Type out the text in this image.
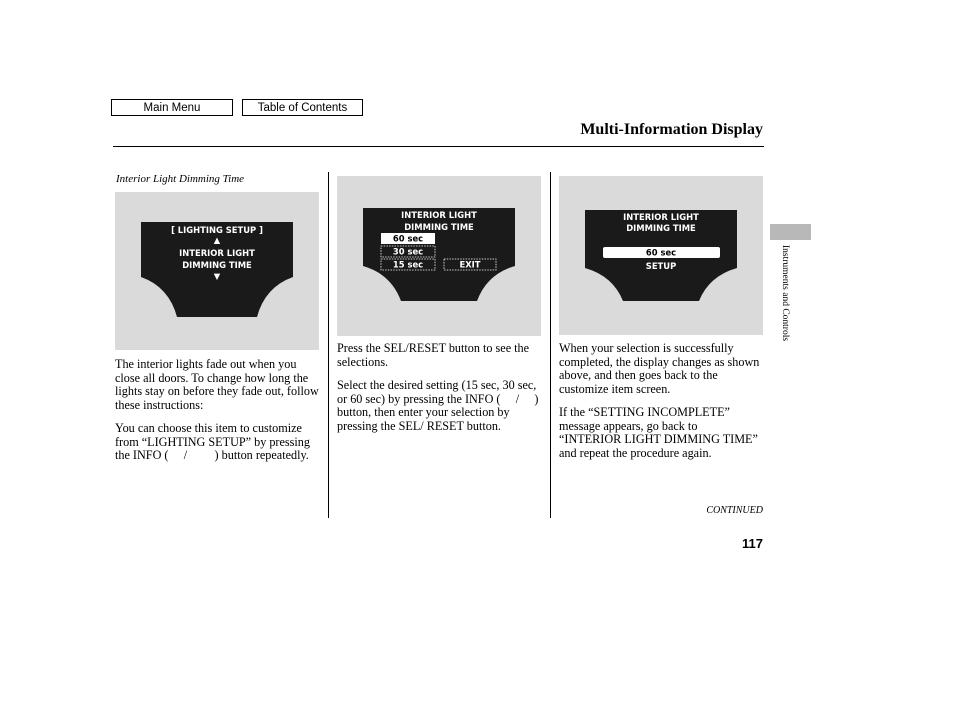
Main Menu	Table of Contents
Multi-Information Display
Instruments and Controls
Interior Light Dimming Time
[ LIGHTING SETUP ]
▲
INTERIOR LIGHT
DIMMING TIME
▼

The interior lights fade out when you close all doors. To change how long the lights stay on before they fade out, follow these instructions:

You can choose this item to customize from “LIGHTING SETUP” by pressing the INFO (  /   ) button repeatedly.

INTERIOR LIGHT
DIMMING TIME
60 sec
30 sec
15 sec	EXIT

Press the SEL/RESET button to see the selections.

Select the desired setting (15 sec, 30 sec, or 60 sec) by pressing the INFO (  /  ) button, then enter your selection by pressing the SEL/ RESET button.

INTERIOR LIGHT
DIMMING TIME
60 sec
SETUP

When your selection is successfully completed, the display changes as shown above, and then goes back to the customize item screen.

If the “SETTING INCOMPLETE” message appears, go back to “INTERIOR LIGHT DIMMING TIME” and repeat the procedure again.

CONTINUED
117
